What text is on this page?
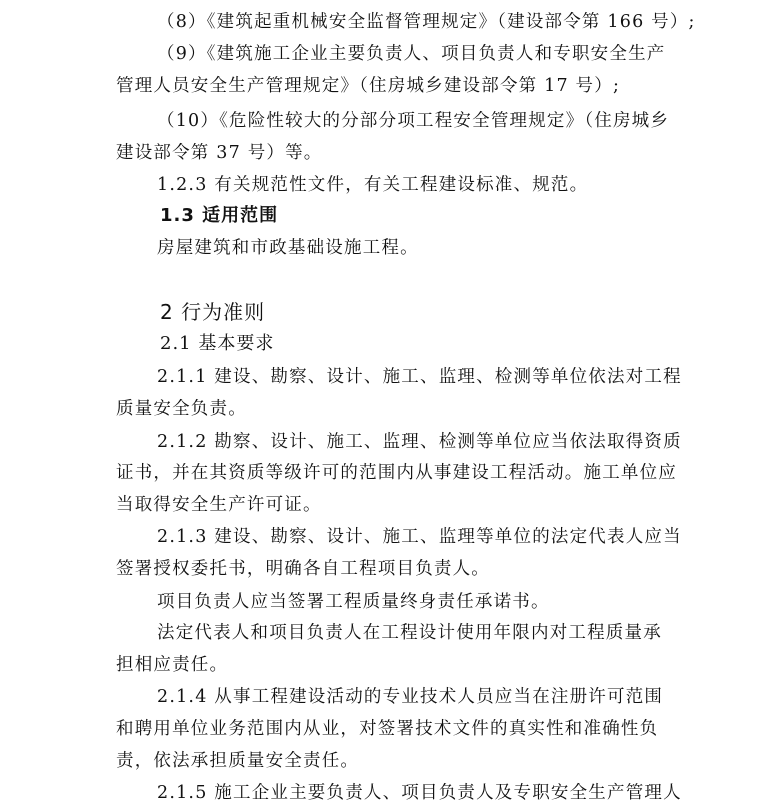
（8）《建筑起重机械安全监督管理规定》（建设部令第 166 号）;
（9）《建筑施工企业主要负责人、项目负责人和专职安全生产
管理人员安全生产管理规定》（住房城乡建设部令第 17 号）;
（10）《危险性较大的分部分项工程安全管理规定》（住房城乡
建设部令第 37 号）等。
1.2.3 有关规范性文件，有关工程建设标准、规范。
1.3 适用范围
房屋建筑和市政基础设施工程。
2 行为准则
2.1 基本要求
2.1.1 建设、勘察、设计、施工、监理、检测等单位依法对工程
质量安全负责。
2.1.2 勘察、设计、施工、监理、检测等单位应当依法取得资质
证书，并在其资质等级许可的范围内从事建设工程活动。施工单位应
当取得安全生产许可证。
2.1.3 建设、勘察、设计、施工、监理等单位的法定代表人应当
签署授权委托书，明确各自工程项目负责人。
项目负责人应当签署工程质量终身责任承诺书。
法定代表人和项目负责人在工程设计使用年限内对工程质量承
担相应责任。
2.1.4 从事工程建设活动的专业技术人员应当在注册许可范围
和聘用单位业务范围内从业，对签署技术文件的真实性和准确性负
责，依法承担质量安全责任。
2.1.5 施工企业主要负责人、项目负责人及专职安全生产管理人
